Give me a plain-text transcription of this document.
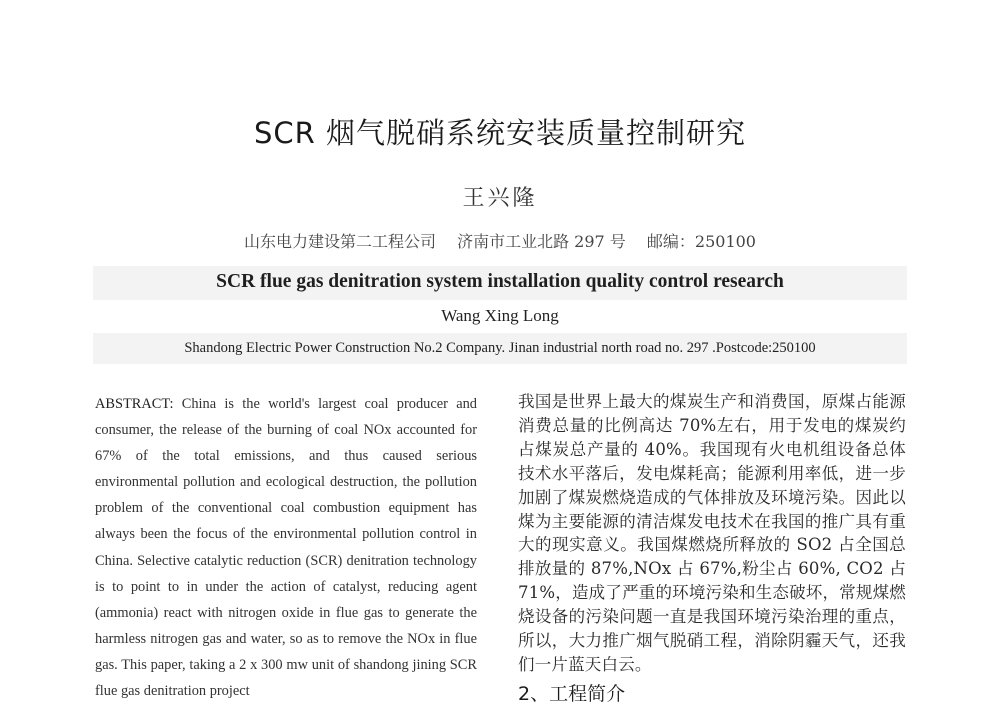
SCR 烟气脱硝系统安装质量控制研究
王兴隆
山东电力建设第二工程公司 济南市工业北路 297 号 邮编：250100
SCR flue gas denitration system installation quality control research
Wang Xing Long
Shandong Electric Power Construction No.2 Company. Jinan industrial north road no. 297 .Postcode:250100
ABSTRACT: China is the world's largest coal producer and consumer, the release of the burning of coal NOx accounted for 67% of the total emissions, and thus caused serious environmental pollution and ecological destruction, the pollution problem of the conventional coal combustion equipment has always been the focus of the environmental pollution control in China. Selective catalytic reduction (SCR) denitration technology is to point to in under the action of catalyst, reducing agent (ammonia) react with nitrogen oxide in flue gas to generate the harmless nitrogen gas and water, so as to remove the NOx in flue gas. This paper, taking a 2 x 300 mw unit of shandong jining SCR flue gas denitration project
我国是世界上最大的煤炭生产和消费国，原煤占能源消费总量的比例高达 70%左右，用于发电的煤炭约占煤炭总产量的 40%。我国现有火电机组设备总体技术水平落后，发电煤耗高；能源利用率低，进一步加剧了煤炭燃烧造成的气体排放及环境污染。因此以煤为主要能源的清洁煤发电技术在我国的推广具有重大的现实意义。我国煤燃烧所释放的 SO2 占全国总排放量的 87%,NOx 占 67%,粉尘占 60%, CO2 占 71%，造成了严重的环境污染和生态破坏，常规煤燃烧设备的污染问题一直是我国环境污染治理的重点，所以，大力推广烟气脱硝工程，消除阴霾天气，还我们一片蓝天白云。
2、工程简介
